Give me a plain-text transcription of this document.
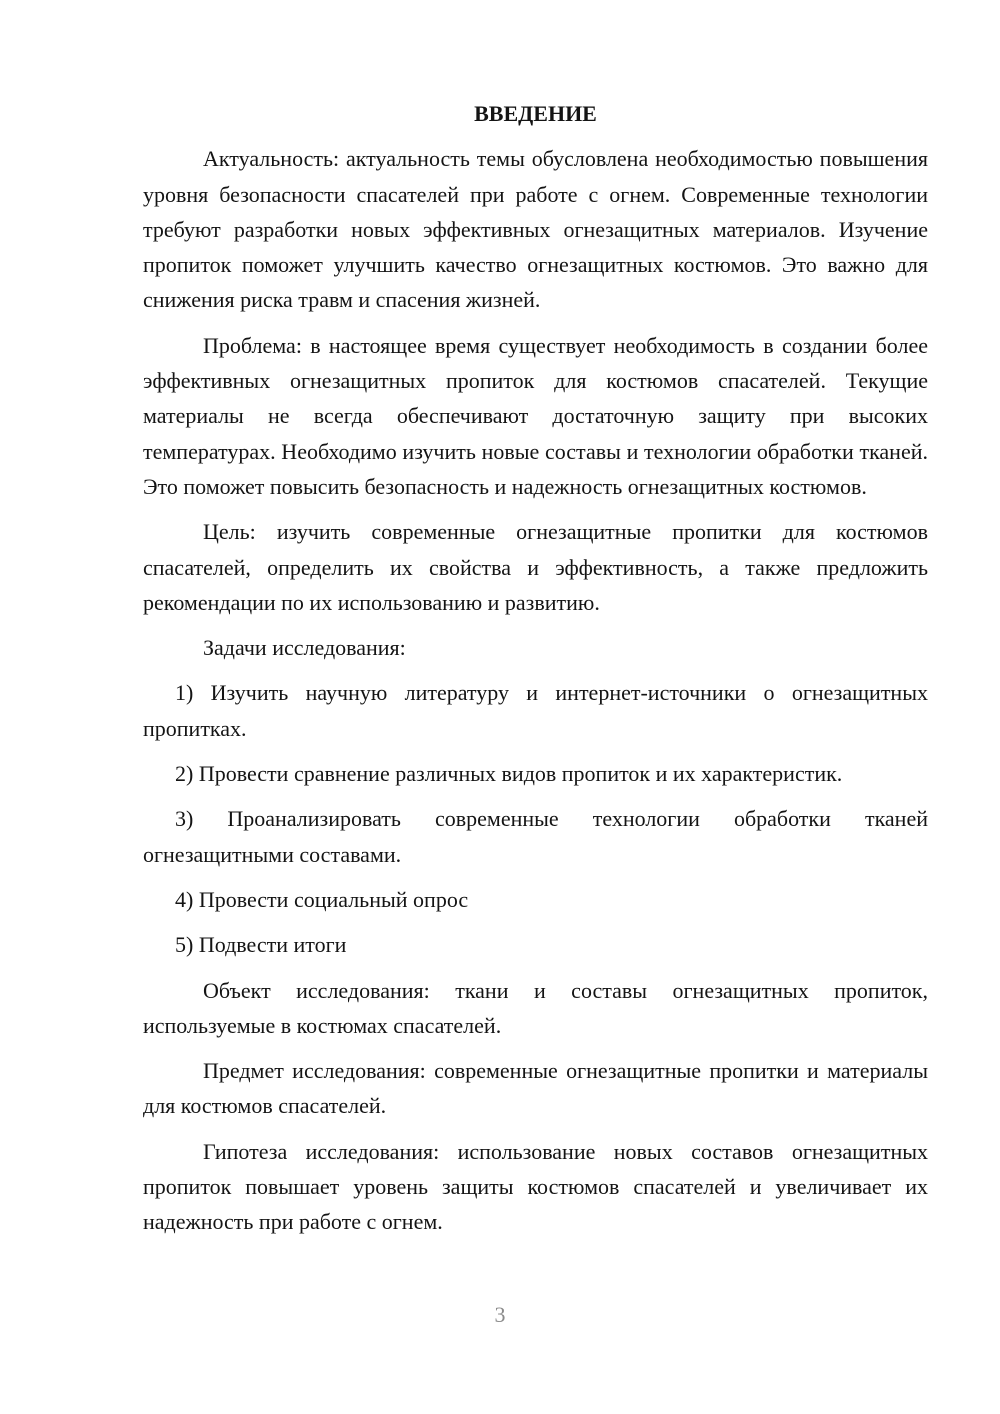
ВВЕДЕНИЕ

Актуальность: актуальность темы обусловлена необходимостью повышения уровня безопасности спасателей при работе с огнем. Современные технологии требуют разработки новых эффективных огнезащитных материалов. Изучение пропиток поможет улучшить качество огнезащитных костюмов. Это важно для снижения риска травм и спасения жизней.

Проблема: в настоящее время существует необходимость в создании более эффективных огнезащитных пропиток для костюмов спасателей. Текущие материалы не всегда обеспечивают достаточную защиту при высоких температурах. Необходимо изучить новые составы и технологии обработки тканей. Это поможет повысить безопасность и надежность огнезащитных костюмов.

Цель: изучить современные огнезащитные пропитки для костюмов спасателей, определить их свойства и эффективность, а также предложить рекомендации по их использованию и развитию.

Задачи исследования:

1) Изучить научную литературу и интернет-источники о огнезащитных пропитках.

2) Провести сравнение различных видов пропиток и их характеристик.

3) Проанализировать современные технологии обработки тканей огнезащитными составами.

4) Провести социальный опрос

5) Подвести итоги

Объект исследования: ткани и составы огнезащитных пропиток, используемые в костюмах спасателей.

Предмет исследования: современные огнезащитные пропитки и материалы для костюмов спасателей.

Гипотеза исследования: использование новых составов огнезащитных пропиток повышает уровень защиты костюмов спасателей и увеличивает их надежность при работе с огнем.

3
